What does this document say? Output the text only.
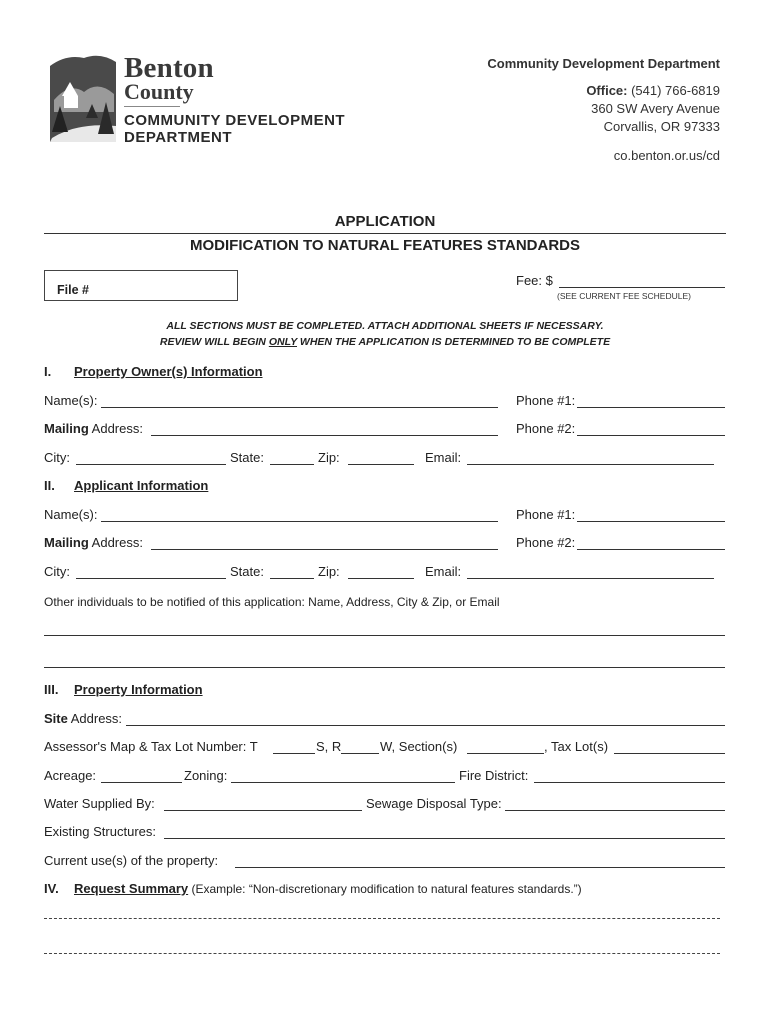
Benton
County
COMMUNITY DEVELOPMENT
DEPARTMENT
Community Development Department
Office: (541) 766-6819
360 SW Avery Avenue
Corvallis, OR 97333
co.benton.or.us/cd
APPLICATION
MODIFICATION TO NATURAL FEATURES STANDARDS
File #
Fee: $
(SEE CURRENT FEE SCHEDULE)
ALL SECTIONS MUST BE COMPLETED. ATTACH ADDITIONAL SHEETS IF NECESSARY.
REVIEW WILL BEGIN ONLY WHEN THE APPLICATION IS DETERMINED TO BE COMPLETE
I. Property Owner(s) Information
Name(s):	Phone #1:
Mailing Address:	Phone #2:
City:	State:	Zip:	Email:
II. Applicant Information
Name(s):	Phone #1:
Mailing Address:	Phone #2:
City:	State:	Zip:	Email:
Other individuals to be notified of this application: Name, Address, City & Zip, or Email
III. Property Information
Site Address:
Assessor's Map & Tax Lot Number: T	S, R	W, Section(s)	, Tax Lot(s)
Acreage:	Zoning:	Fire District:
Water Supplied By:	Sewage Disposal Type:
Existing Structures:
Current use(s) of the property:
IV. Request Summary (Example: “Non-discretionary modification to natural features standards.”)
